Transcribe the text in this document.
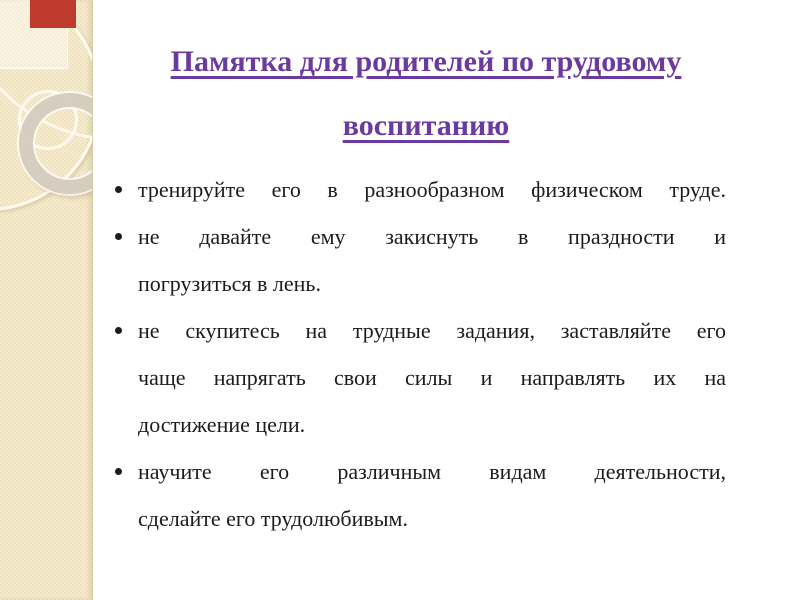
Памятка для родителей по трудовому
воспитанию
тренируйте его в разнообразном физическом труде.
не давайте ему закиснуть в праздности и
погрузиться в лень.
не скупитесь на трудные задания, заставляйте его
чаще напрягать свои силы и направлять их на
достижение цели.
научите его различным видам деятельности,
сделайте его трудолюбивым.
